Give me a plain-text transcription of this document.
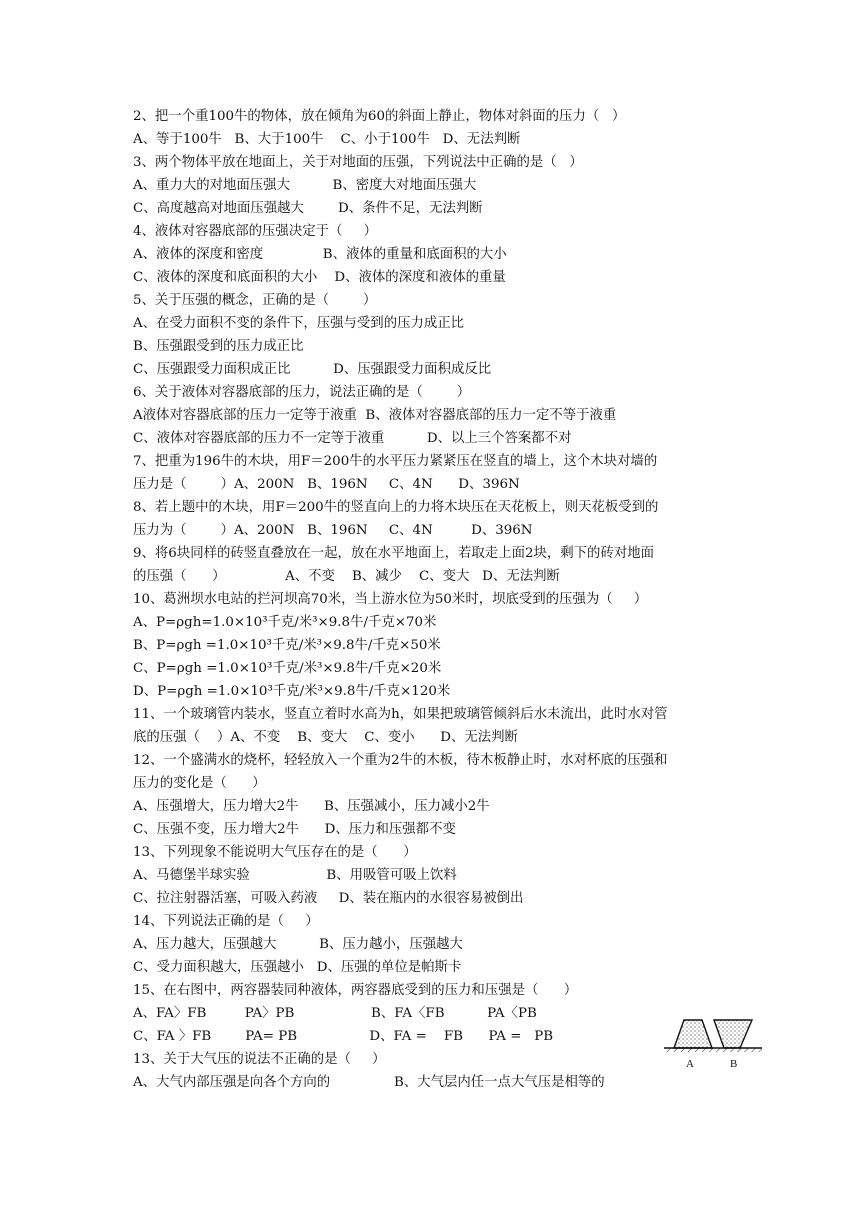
2、把一个重100牛的物体，放在倾角为60的斜面上静止，物体对斜面的压力（   ）
A、等于100牛   B、大于100牛    C、小于100牛   D、无法判断
3、两个物体平放在地面上，关于对地面的压强，下列说法中正确的是（   ）
A、重力大的对地面压强大          B、密度大对地面压强大
C、高度越高对地面压强越大        D、条件不足，无法判断
4、液体对容器底部的压强决定于（     ）
A、液体的深度和密度              B、液体的重量和底面积的大小
C、液体的深度和底面积的大小    D、液体的深度和液体的重量
5、关于压强的概念，正确的是（        ）
A、在受力面积不变的条件下，压强与受到的压力成正比
B、压强跟受到的压力成正比
C、压强跟受力面积成正比          D、压强跟受力面积成反比
6、关于液体对容器底部的压力，说法正确的是（        ）
A液体对容器底部的压力一定等于液重  B、液体对容器底部的压力一定不等于液重
C、液体对容器底部的压力不一定等于液重          D、以上三个答案都不对
7、把重为196牛的木块，用F＝200牛的水平压力紧紧压在竖直的墙上，这个木块对墙的
压力是（        ）A、200N   B、196N     C、4N      D、396N
8、若上题中的木块，用F＝200牛的竖直向上的力将木块压在天花板上，则天花板受到的
压力为（        ）A、200N   B、196N     C、4N         D、396N
9、将6块同样的砖竖直叠放在一起，放在水平地面上，若取走上面2块，剩下的砖对地面
的压强（      ）              A、不变    B、减少    C、变大   D、无法判断
10、葛洲坝水电站的拦河坝高70米，当上游水位为50米时，坝底受到的压强为（     ）
A、P=ρgh=1.0×10³千克/米³×9.8牛/千克×70米
B、P=ρgh =1.0×10³千克/米³×9.8牛/千克×50米
C、P=ρgh =1.0×10³千克/米³×9.8牛/千克×20米
D、P=ρgh =1.0×10³千克/米³×9.8牛/千克×120米
11、一个玻璃管内装水，竖直立着时水高为h，如果把玻璃管倾斜后水未流出，此时水对管
底的压强（    ）A、不变    B、变大    C、变小      D、无法判断
12、一个盛满水的烧杯，轻轻放入一个重为2牛的木板，待木板静止时，水对杯底的压强和
压力的变化是（      ）
A、压强增大，压力增大2牛      B、压强减小，压力减小2牛
C、压强不变，压力增大2牛      D、压力和压强都不变
13、下列现象不能说明大气压存在的是（      ）
A、马德堡半球实验                  B、用吸管可吸上饮料
C、拉注射器活塞，可吸入药液     D、装在瓶内的水很容易被倒出
14、下列说法正确的是（     ）
A、压力越大，压强越大          B、压力越小，压强越大
C、受力面积越大，压强越小   D、压强的单位是帕斯卡
15、在右图中，两容器装同种液体，两容器底受到的压力和压强是（      ）
A、FA〉FB         PA〉PB                  B、FA〈FB          PA〈PB
C、FA 〉FB        PA= PB                 D、FA =    FB      PA =   PB
13、关于大气压的说法不正确的是（     ）
A、大气内部压强是向各个方向的               B、大气层内任一点大气压是相等的
A	B
